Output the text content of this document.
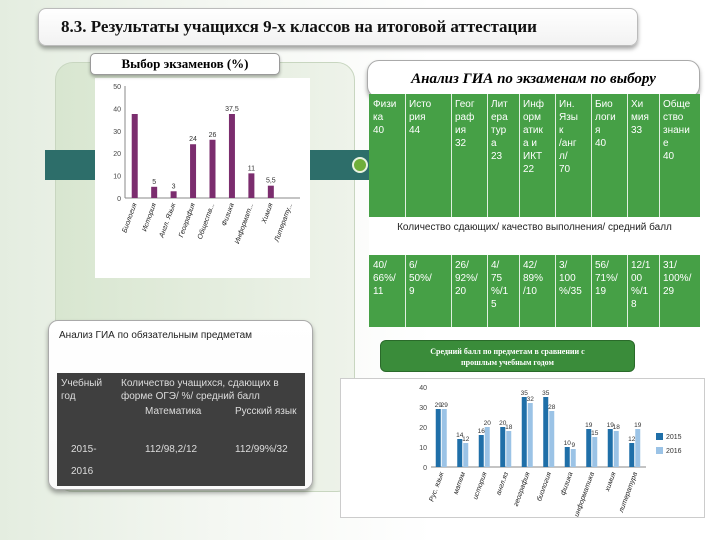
8.3. Результаты учащихся 9-х классов на итоговой аттестации
0
10
20
30
40
50
Биология
5
История
3
Англ. Язык
24
География
26
Обществ...
37,5
Физика
11
Информат...
5,5
Химия
Литерату...
Выбор экзаменов (%)
Анализ ГИА по экзаменам по выбору
Физи
ка
40
Исто
рия
44
Геог
раф
ия
32
Лит
ера
тур
а
23
Инф
орм
атик
а и
ИКТ
22
Ин.
Язы
к
/анг
л/
70
Био
логи
я
40
Хи
мия
33
Обще
ство
знани
е
40
Количество сдающих/ качество выполнения/ средний балл
40/
66%/
11
6/
50%/
9
26/
92%/
20
4/
75
%/1
5
42/
89%
/10
3/
100
%/35
56/
71%/
19
12/1
00
%/1
8
31/
100%/
29
Анализ ГИА по обязательным предметам
Учебный
год
Количество учащихся, сдающих в
форме ОГЭ/ %/ средний балл
Математика	Русский язык
2015-
2016
112/98,2/12	112/99%/32
Средний балл по предметам в сравнении с
прошлым учебным годом
0
10
20
30
40
29
29
Рус. язык
14
12
матем
16
20
история
20
18
англ.яз
35
32
география
35
28
биология
10 9
физика
19
15
информатика
19
18
химия
12
19
литература
2015
2016
